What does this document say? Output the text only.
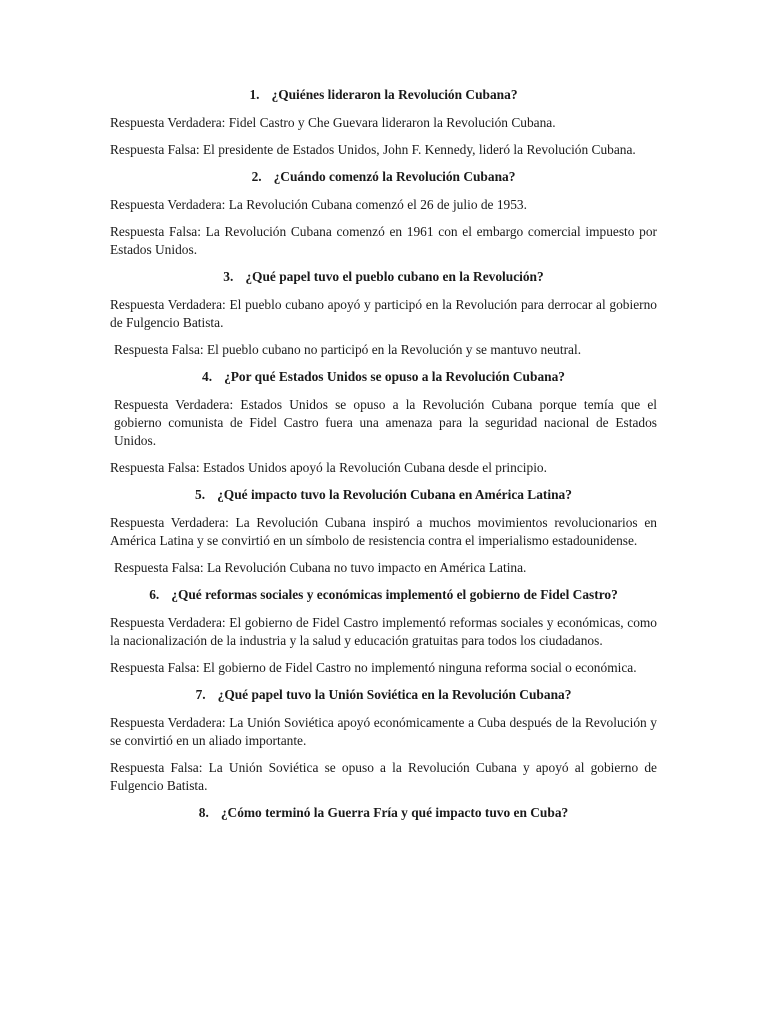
1. ¿Quiénes lideraron la Revolución Cubana?

Respuesta Verdadera: Fidel Castro y Che Guevara lideraron la Revolución Cubana.

Respuesta Falsa: El presidente de Estados Unidos, John F. Kennedy, lideró la Revolución Cubana.

2. ¿Cuándo comenzó la Revolución Cubana?

Respuesta Verdadera: La Revolución Cubana comenzó el 26 de julio de 1953.

Respuesta Falsa: La Revolución Cubana comenzó en 1961 con el embargo comercial impuesto por Estados Unidos.

3. ¿Qué papel tuvo el pueblo cubano en la Revolución?

Respuesta Verdadera: El pueblo cubano apoyó y participó en la Revolución para derrocar al gobierno de Fulgencio Batista.

Respuesta Falsa: El pueblo cubano no participó en la Revolución y se mantuvo neutral.

4. ¿Por qué Estados Unidos se opuso a la Revolución Cubana?

Respuesta Verdadera: Estados Unidos se opuso a la Revolución Cubana porque temía que el gobierno comunista de Fidel Castro fuera una amenaza para la seguridad nacional de Estados Unidos.

Respuesta Falsa: Estados Unidos apoyó la Revolución Cubana desde el principio.

5. ¿Qué impacto tuvo la Revolución Cubana en América Latina?

Respuesta Verdadera: La Revolución Cubana inspiró a muchos movimientos revolucionarios en América Latina y se convirtió en un símbolo de resistencia contra el imperialismo estadounidense.

Respuesta Falsa: La Revolución Cubana no tuvo impacto en América Latina.

6. ¿Qué reformas sociales y económicas implementó el gobierno de Fidel Castro?

Respuesta Verdadera: El gobierno de Fidel Castro implementó reformas sociales y económicas, como la nacionalización de la industria y la salud y educación gratuitas para todos los ciudadanos.

Respuesta Falsa: El gobierno de Fidel Castro no implementó ninguna reforma social o económica.

7. ¿Qué papel tuvo la Unión Soviética en la Revolución Cubana?

Respuesta Verdadera: La Unión Soviética apoyó económicamente a Cuba después de la Revolución y se convirtió en un aliado importante.

Respuesta Falsa: La Unión Soviética se opuso a la Revolución Cubana y apoyó al gobierno de Fulgencio Batista.

8. ¿Cómo terminó la Guerra Fría y qué impacto tuvo en Cuba?
